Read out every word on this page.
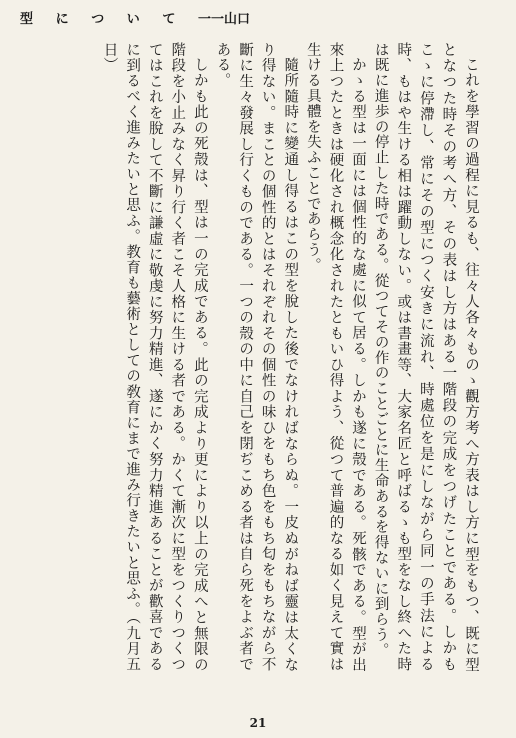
型 に つ い て 一一山口

これを學習の過程に見るも、往々人各々ものゝ觀方考へ方表はし方に型をもつ、既に型となつた時その考へ方、その表はし方はある一階段の完成をつげたことである。しかもこゝに停滯し、常にその型につく安きに流れ、時處位を是にしながら同一の手法による時、もはや生ける相は躍動しない。或は書畫等、大家名匠と呼ばるゝも型をなし終へた時は既に進歩の停止した時である。從つてその作のことごとに生命あるを得ないに到らう。

かゝる型は一面には個性的な處に似て居る。しかも遂に殼である。死骸である。型が出來上つたときは硬化され概念化されたともいひ得よう、從つて普遍的なる如く見えて實は生ける具體を失ふことであらう。

隨所隨時に變通し得るはこの型を脫した後でなければならぬ。一皮ぬがねば靈は太くなり得ない。まことの個性的とはそれぞれその個性の味ひをもち色をもち匂をもちながら不斷に生々發展し行くものである。一つの殼の中に自己を閉ぢこめる者は自ら死をよぶ者である。

しかも此の死殼は、型は一の完成である。此の完成より更により以上の完成へと無限の階段を小止みなく昇り行く者こそ人格に生ける者である。かくて漸次に型をつくりつくつてはこれを脫して不斷に謙虛に敬虔に努力精進、遂にかく努力精進あることが歡喜であるに到るべく進みたいと思ふ。教育も藝術としての敎育にまで進み行きたいと思ふ。（九月五日）

21
